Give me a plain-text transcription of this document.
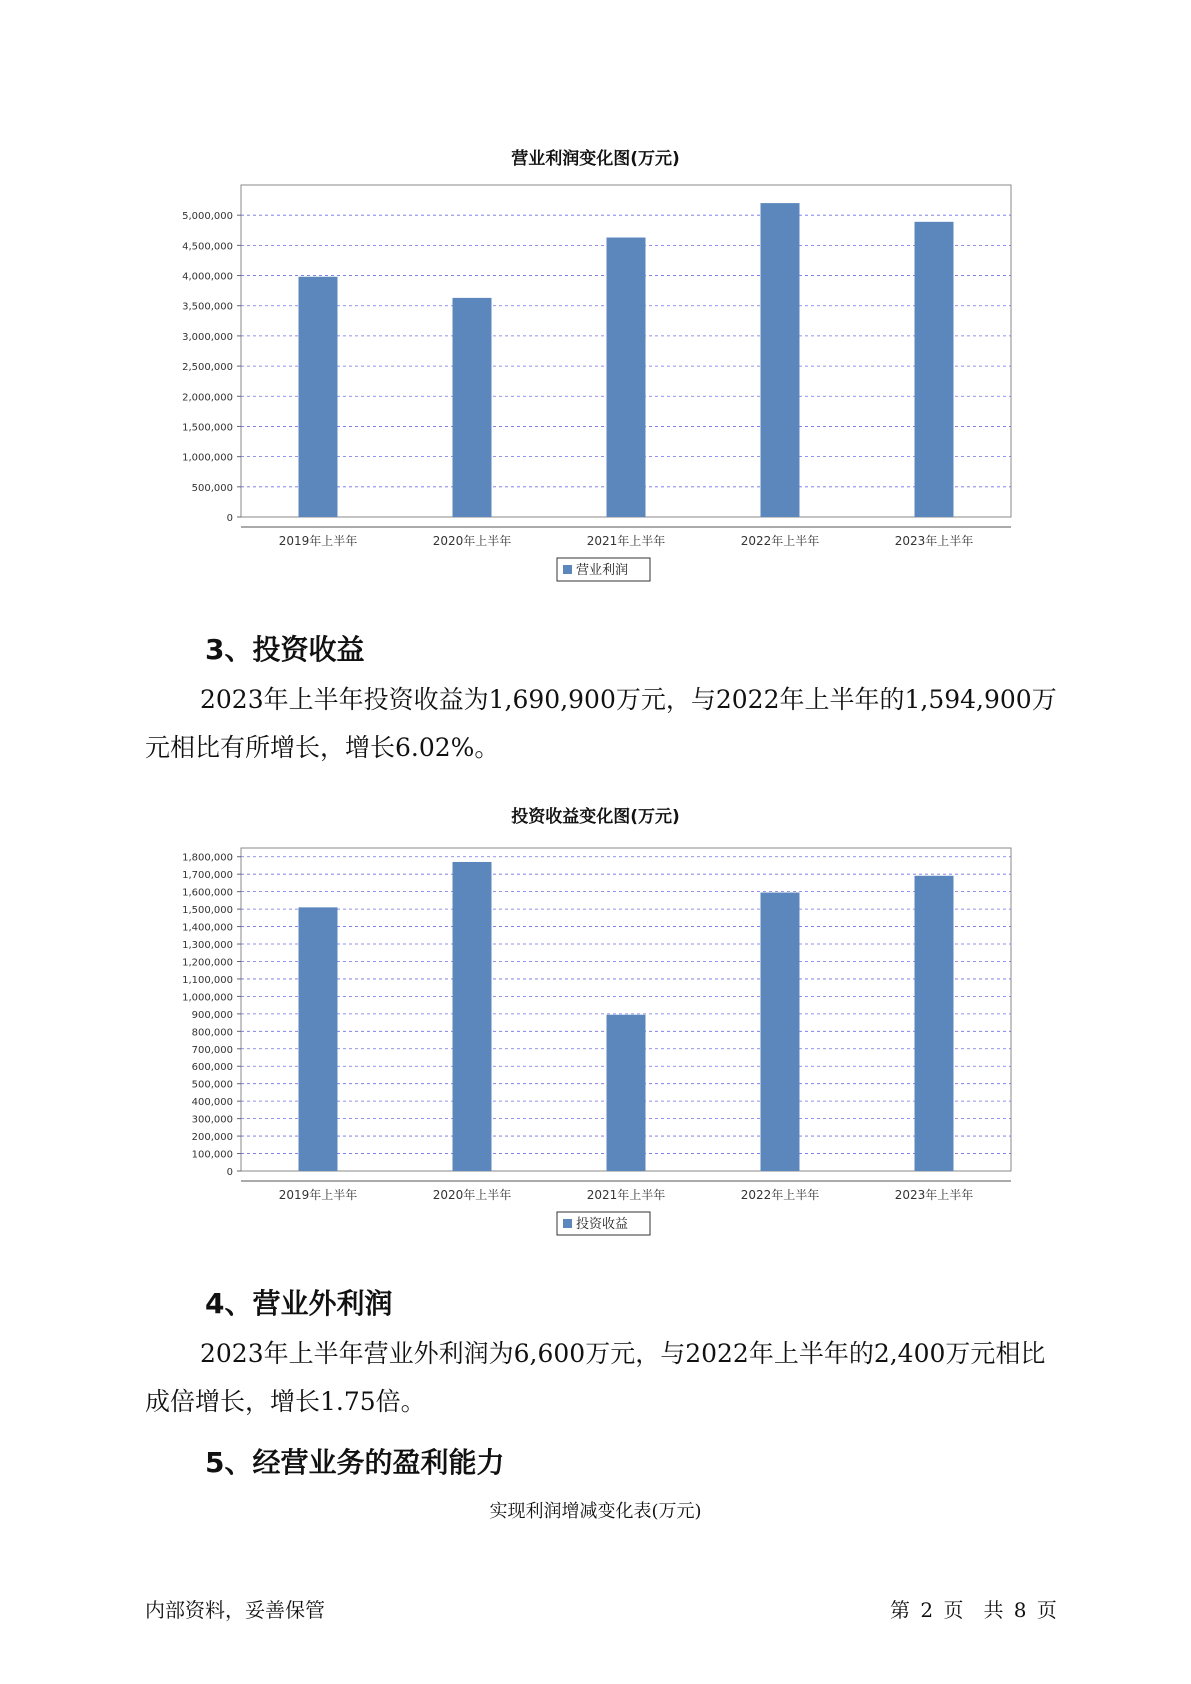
营业利润变化图(万元)
0
500,000
1,000,000
1,500,000
2,000,000
2,500,000
3,000,000
3,500,000
4,000,000
4,500,000
5,000,000
2019年上半年	2020年上半年	2021年上半年	2022年上半年	2023年上半年
营业利润
3、投资收益

2023年上半年投资收益为1,690,900万元，与2022年上半年的1,594,900万元相比有所增长，增长6.02%。

投资收益变化图(万元)
0
100,000
200,000
300,000
400,000
500,000
600,000
700,000
800,000
900,000
1,000,000
1,100,000
1,200,000
1,300,000
1,400,000
1,500,000
1,600,000
1,700,000
1,800,000
2019年上半年	2020年上半年	2021年上半年	2022年上半年	2023年上半年
投资收益
4、营业外利润

2023年上半年营业外利润为6,600万元，与2022年上半年的2,400万元相比成倍增长，增长1.75倍。

5、经营业务的盈利能力
实现利润增减变化表(万元)
内部资料，妥善保管	第 2 页　共 8 页
